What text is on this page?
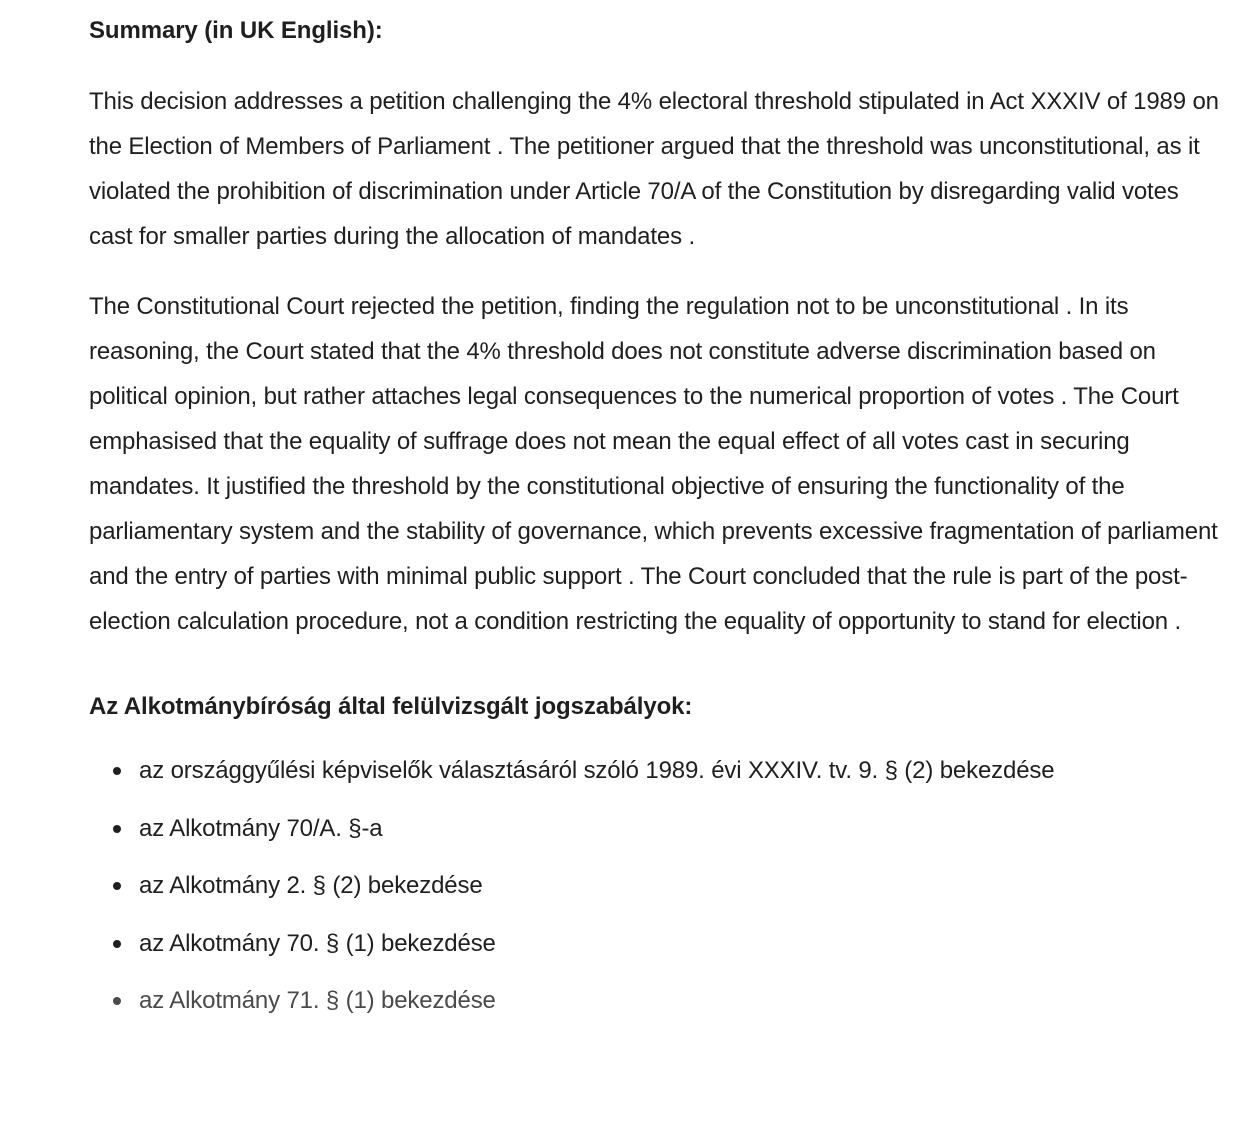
Summary (in UK English):

This decision addresses a petition challenging the 4% electoral threshold stipulated in Act XXXIV of 1989 on the Election of Members of Parliament . The petitioner argued that the threshold was unconstitutional, as it violated the prohibition of discrimination under Article 70/A of the Constitution by disregarding valid votes cast for smaller parties during the allocation of mandates .

The Constitutional Court rejected the petition, finding the regulation not to be unconstitutional . In its reasoning, the Court stated that the 4% threshold does not constitute adverse discrimination based on political opinion, but rather attaches legal consequences to the numerical proportion of votes . The Court emphasised that the equality of suffrage does not mean the equal effect of all votes cast in securing mandates. It justified the threshold by the constitutional objective of ensuring the functionality of the parliamentary system and the stability of governance, which prevents excessive fragmentation of parliament and the entry of parties with minimal public support . The Court concluded that the rule is part of the post-election calculation procedure, not a condition restricting the equality of opportunity to stand for election .

Az Alkotmánybíróság által felülvizsgált jogszabályok:
az országgyűlési képviselők választásáról szóló 1989. évi XXXIV. tv. 9. § (2) bekezdése
az Alkotmány 70/A. §-a
az Alkotmány 2. § (2) bekezdése
az Alkotmány 70. § (1) bekezdése
az Alkotmány 71. § (1) bekezdése
